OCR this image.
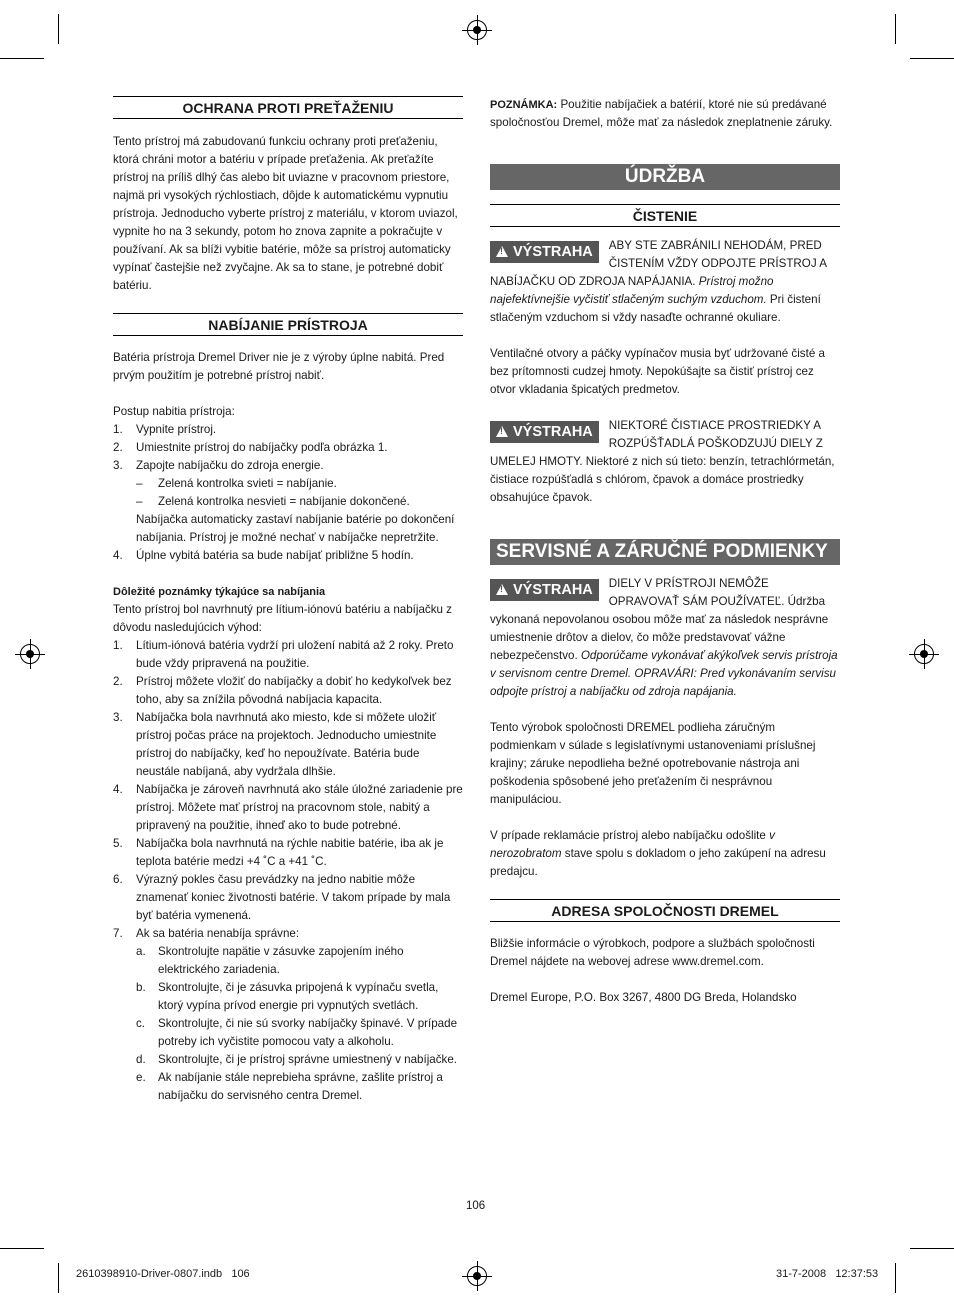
OCHRANA PROTI PREŤAŽENIU

Tento prístroj má zabudovanú funkciu ochrany proti preťaženiu, ktorá chráni motor a batériu v prípade preťaženia. Ak preťažíte prístroj na príliš dlhý čas alebo bit uviazne v pracovnom priestore, najmä pri vysokých rýchlostiach, dôjde k automatickému vypnutiu prístroja. Jednoducho vyberte prístroj z materiálu, v ktorom uviazol, vypnite ho na 3 sekundy, potom ho znova zapnite a pokračujte v používaní. Ak sa blíži vybitie batérie, môže sa prístroj automaticky vypínať častejšie než zvyčajne. Ak sa to stane, je potrebné dobiť batériu.

NABÍJANIE PRÍSTROJA

Batéria prístroja Dremel Driver nie je z výroby úplne nabitá. Pred prvým použitím je potrebné prístroj nabiť.

Postup nabitia prístroja:

1. Vypnite prístroj.
2. Umiestnite prístroj do nabíjačky podľa obrázka 1.
3. Zapojte nabíjačku do zdroja energie.
– Zelená kontrolka svieti = nabíjanie.
– Zelená kontrolka nesvieti = nabíjanie dokončené.
Nabíjačka automaticky zastaví nabíjanie batérie po dokončení nabíjania. Prístroj je možné nechať v nabíjačke nepretržite.
4. Úplne vybitá batéria sa bude nabíjať približne 5 hodín.

Dôležité poznámky týkajúce sa nabíjania

Tento prístroj bol navrhnutý pre lítium-iónovú batériu a nabíjačku z dôvodu nasledujúcich výhod:

1. Lítium-iónová batéria vydrží pri uložení nabitá až 2 roky. Preto bude vždy pripravená na použitie.
2. Prístroj môžete vložiť do nabíjačky a dobiť ho kedykoľvek bez toho, aby sa znížila pôvodná nabíjacia kapacita.
3. Nabíjačka bola navrhnutá ako miesto, kde si môžete uložiť prístroj počas práce na projektoch. Jednoducho umiestnite prístroj do nabíjačky, keď ho nepoužívate. Batéria bude neustále nabíjaná, aby vydržala dlhšie.
4. Nabíjačka je zároveň navrhnutá ako stále úložné zariadenie pre prístroj. Môžete mať prístroj na pracovnom stole, nabitý a pripravený na použitie, ihneď ako to bude potrebné.
5. Nabíjačka bola navrhnutá na rýchle nabitie batérie, iba ak je teplota batérie medzi +4 ˚C a +41 ˚C.
6. Výrazný pokles času prevádzky na jedno nabitie môže znamenať koniec životnosti batérie. V takom prípade by mala byť batéria vymenená.
7. Ak sa batéria nenabíja správne:
a. Skontrolujte napätie v zásuvke zapojením iného elektrického zariadenia.
b. Skontrolujte, či je zásuvka pripojená k vypínaču svetla, ktorý vypína prívod energie pri vypnutých svetlách.
c. Skontrolujte, či nie sú svorky nabíjačky špinavé. V prípade potreby ich vyčistite pomocou vaty a alkoholu.
d. Skontrolujte, či je prístroj správne umiestnený v nabíjačke.
e. Ak nabíjanie stále neprebieha správne, zašlite prístroj a nabíjačku do servisného centra Dremel.

POZNÁMKA: Použitie nabíjačiek a batérií, ktoré nie sú predávané spoločnosťou Dremel, môže mať za následok zneplatnenie záruky.

ÚDRŽBA
ČISTENIE
!VÝSTRAHA	ABY STE ZABRÁNILI NEHODÁM, PRED ČISTENÍM VŽDY ODPOJTE PRÍSTROJ A NABÍJAČKU OD ZDROJA NAPÁJANIA. Prístroj možno najefektívnejšie vyčistiť stlačeným suchým vzduchom. Pri čistení stlačeným vzduchom si vždy nasaďte ochranné okuliare.

Ventilačné otvory a páčky vypínačov musia byť udržované čisté a bez prítomnosti cudzej hmoty. Nepokúšajte sa čistiť prístroj cez otvor vkladania špicatých predmetov.

!VÝSTRAHA	NIEKTORÉ ČISTIACE PROSTRIEDKY A ROZPÚŠŤADLÁ POŠKODZUJÚ DIELY Z UMELEJ HMOTY. Niektoré z nich sú tieto: benzín, tetrachlórmetán, čistiace rozpúšťadlá s chlórom, čpavok a domáce prostriedky obsahujúce čpavok.
SERVISNÉ A ZÁRUČNÉ PODMIENKY
!VÝSTRAHA	DIELY V PRÍSTROJI NEMÔŽE OPRAVOVAŤ SÁM POUŽÍVATEĽ. Údržba vykonaná nepovolanou osobou môže mať za následok nesprávne umiestnenie drôtov a dielov, čo môže predstavovať vážne nebezpečenstvo. Odporúčame vykonávať akýkoľvek servis prístroja v servisnom centre Dremel. OPRAVÁRI: Pred vykonávaním servisu odpojte prístroj a nabíjačku od zdroja napájania.

Tento výrobok spoločnosti DREMEL podlieha záručným podmienkam v súlade s legislatívnymi ustanoveniami príslušnej krajiny; záruke nepodlieha bežné opotrebovanie nástroja ani poškodenia spôsobené jeho preťažením či nesprávnou manipuláciou.

V prípade reklamácie prístroj alebo nabíjačku odošlite v nerozobratom stave spolu s dokladom o jeho zakúpení na adresu predajcu.

ADRESA SPOLOČNOSTI DREMEL

Bližšie informácie o výrobkoch, podpore a službách spoločnosti Dremel nájdete na webovej adrese www.dremel.com.

Dremel Europe, P.O. Box 3267, 4800 DG Breda, Holandsko

106
2610398910-Driver-0807.indb   106	31-7-2008   12:37:53
